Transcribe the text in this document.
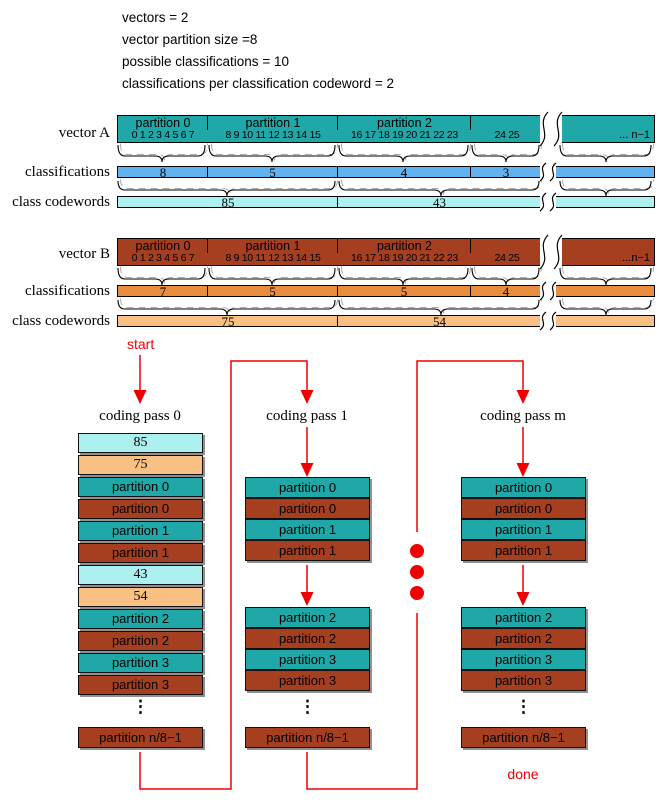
vectors = 2
vector partition size =8
possible classifications = 10
classifications per classification codeword = 2
vector A
partition 0	partition 1	partition 2
0 1 2 3 4 5 6 7	8 9 10 11 12 13 14 15	16 17 18 19 20 21 22 23	24 25	... n−1
classifications	8	5	4	3
class codewords	85	43
vector B	partition 0	partition 1	partition 2
0 1 2 3 4 5 6 7	8 9 10 11 12 13 14 15	16 17 18 19 20 21 22 23	24 25	...n−1
classifications	7	5	5	4
class codewords	75	54
start
coding pass 0	coding pass 1	coding pass m
85
75
partition 0
partition 0
partition 1
partition 1
43
54
partition 2
partition 2
partition 3
partition 3
⋮
partition n/8−1
partition 0
partition 0
partition 1
partition 1
partition 2
partition 2
partition 3
partition 3
⋮
partition n/8−1
partition 0
partition 0
partition 1
partition 1
partition 2
partition 2
partition 3
partition 3
⋮
partition n/8−1
done
